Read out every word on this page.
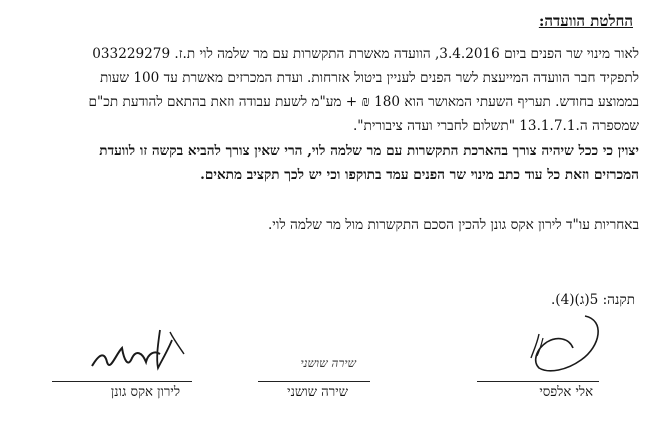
החלטת הוועדה:
לאור מינוי שר הפנים ביום 3.4.2016, הוועדה מאשרת התקשרות עם מר שלמה לוי ת.ז. 033229279
לתפקיד חבר הוועדה המייעצת לשר הפנים לעניין ביטול אזרחות. ועדת המכרזים מאשרת עד 100 שעות
בממוצע בחודש. תעריף השעתי המאושר הוא 180 ₪ + מע"מ לשעת עבודה וזאת בהתאם להודעת תכ"ם
שמספרה ה.13.1.7.1 "תשלום לחברי ועדה ציבורית".
יצוין כי ככל שיהיה צורך בהארכת התקשרות עם מר שלמה לוי, הרי שאין צורך להביא בקשה זו לוועדת
המכרזים וזאת כל עוד כתב מינוי שר הפנים עמד בתוקפו וכי יש לכך תקציב מתאים.
באחריות עו"ד לירון אקס גונן להכין הסכם התקשרות מול מר שלמה לוי.
תקנה: 5(ג)(4).
לירון אקס גונן
שירה שושני
שירה שושני	אלי אלפסי
